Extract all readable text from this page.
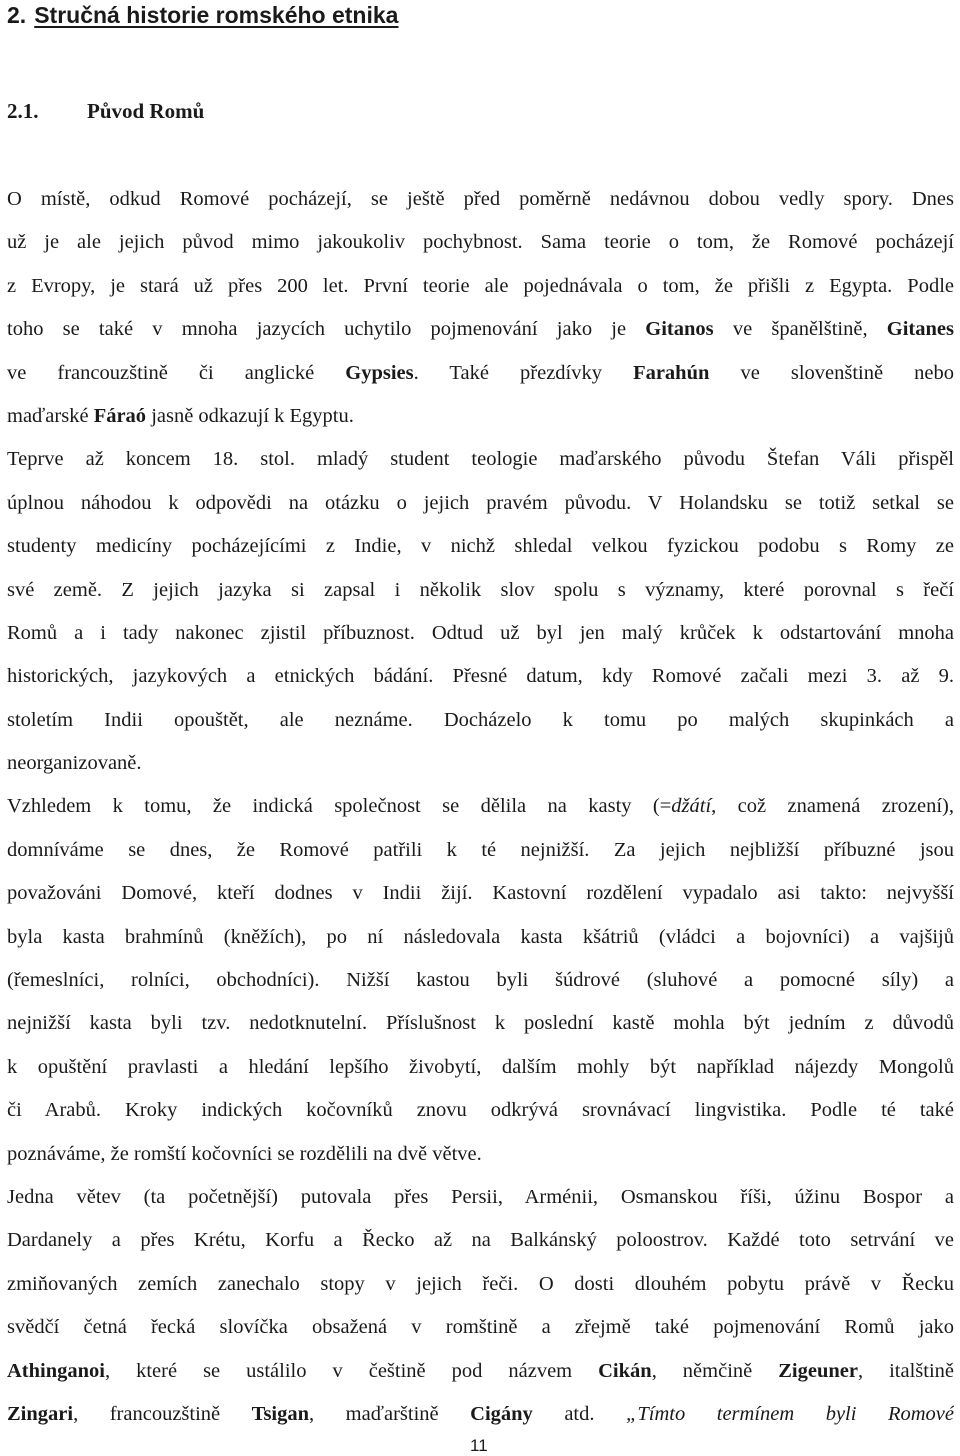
2. Stručná historie romského etnika
2.1. Původ Romů
O místě, odkud Romové pocházejí, se ještě před poměrně nedávnou dobou vedly spory. Dnes
už je ale jejich původ mimo jakoukoliv pochybnost. Sama teorie o tom, že Romové pocházejí
z Evropy, je stará už přes 200 let. První teorie ale pojednávala o tom, že přišli z Egypta. Podle
toho se také v mnoha jazycích uchytilo pojmenování jako je Gitanos ve španělštině, Gitanes
ve francouzštině či anglické Gypsies. Také přezdívky Farahún ve slovenštině nebo
maďarské Fáraó jasně odkazují k Egyptu.
Teprve až koncem 18. stol. mladý student teologie maďarského původu Štefan Váli přispěl
úplnou náhodou k odpovědi na otázku o jejich pravém původu. V Holandsku se totiž setkal se
studenty medicíny pocházejícími z Indie, v nichž shledal velkou fyzickou podobu s Romy ze
své země. Z jejich jazyka si zapsal i několik slov spolu s významy, které porovnal s řečí
Romů a i tady nakonec zjistil příbuznost. Odtud už byl jen malý krůček k odstartování mnoha
historických, jazykových a etnických bádání. Přesné datum, kdy Romové začali mezi 3. až 9.
stoletím Indii opouštět, ale neznáme. Docházelo k tomu po malých skupinkách a
neorganizovaně.
Vzhledem k tomu, že indická společnost se dělila na kasty (=džátí, což znamená zrození),
domníváme se dnes, že Romové patřili k té nejnižší. Za jejich nejbližší příbuzné jsou
považováni Domové, kteří dodnes v Indii žijí. Kastovní rozdělení vypadalo asi takto: nejvyšší
byla kasta brahmínů (kněžích), po ní následovala kasta kšátriů (vládci a bojovníci) a vajšijů
(řemeslníci, rolníci, obchodníci). Nižší kastou byli šúdrové (sluhové a pomocné síly) a
nejnižší kasta byli tzv. nedotknutelní. Příslušnost k poslední kastě mohla být jedním z důvodů
k opuštění pravlasti a hledání lepšího živobytí, dalším mohly být například nájezdy Mongolů
či Arabů. Kroky indických kočovníků znovu odkrývá srovnávací lingvistika. Podle té také
poznáváme, že romští kočovníci se rozdělili na dvě větve.
Jedna větev (ta početnější) putovala přes Persii, Arménii, Osmanskou říši, úžinu Bospor a
Dardanely a přes Krétu, Korfu a Řecko až na Balkánský poloostrov. Každé toto setrvání ve
zmiňovaných zemích zanechalo stopy v jejich řeči. O dosti dlouhém pobytu právě v Řecku
svědčí četná řecká slovíčka obsažená v romštině a zřejmě také pojmenování Romů jako
Athinganoi, které se ustálilo v češtině pod názvem Cikán, němčině Zigeuner, italštině
Zingari, francouzštině Tsigan, maďarštině Cigány atd. „Tímto termínem byli Romové
11
